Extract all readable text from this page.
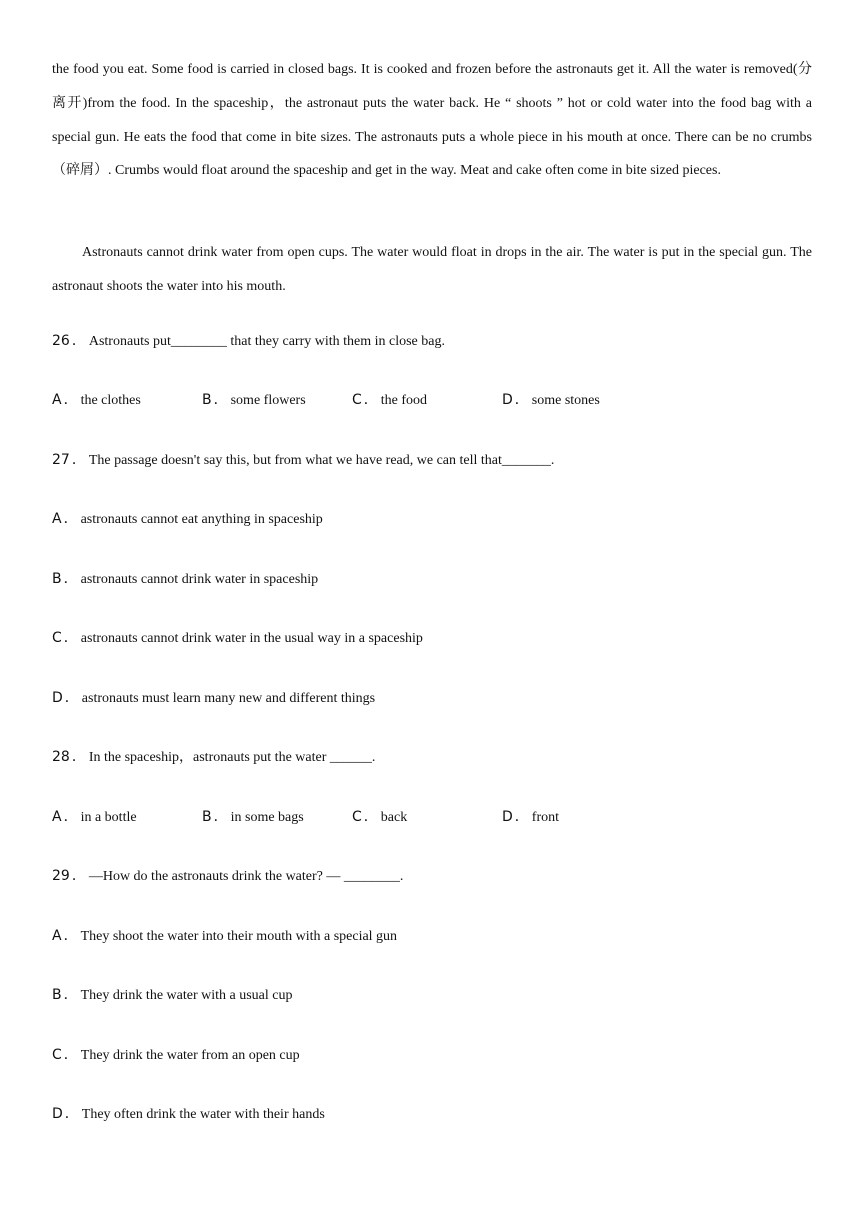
the food you eat. Some food is carried in closed bags. It is cooked and frozen before the astronauts get it. All the water is removed(分离开)from the food. In the spaceship，the astronaut puts the water back. He “ shoots ” hot or cold water into the food bag with a special gun. He eats the food that come in bite sizes. The astronauts puts a whole piece in his mouth at once. There can be no crumbs（碎屑）. Crumbs would float around the spaceship and get in the way. Meat and cake often come in bite sized pieces.

Astronauts cannot drink water from open cups. The water would float in drops in the air. The water is put in the special gun. The astronaut shoots the water into his mouth.

26 ． Astronauts put________ that they carry with them in close bag.
A ． the clothes	B ． some flowers	C ． the food	D ． some stones
27 ． The passage doesn't say this, but from what we have read, we can tell that_______.
A ． astronauts cannot eat anything in spaceship
B ． astronauts cannot drink water in spaceship
C ． astronauts cannot drink water in the usual way in a spaceship
D ． astronauts must learn many new and different things
28 ． In the spaceship，astronauts put the water ______.
A ． in a bottle	B ． in some bags	C ． back	D ． front
29 ． —How do the astronauts drink the water? — ________.
A ． They shoot the water into their mouth with a special gun
B ． They drink the water with a usual cup
C ． They drink the water from an open cup
D ． They often drink the water with their hands
